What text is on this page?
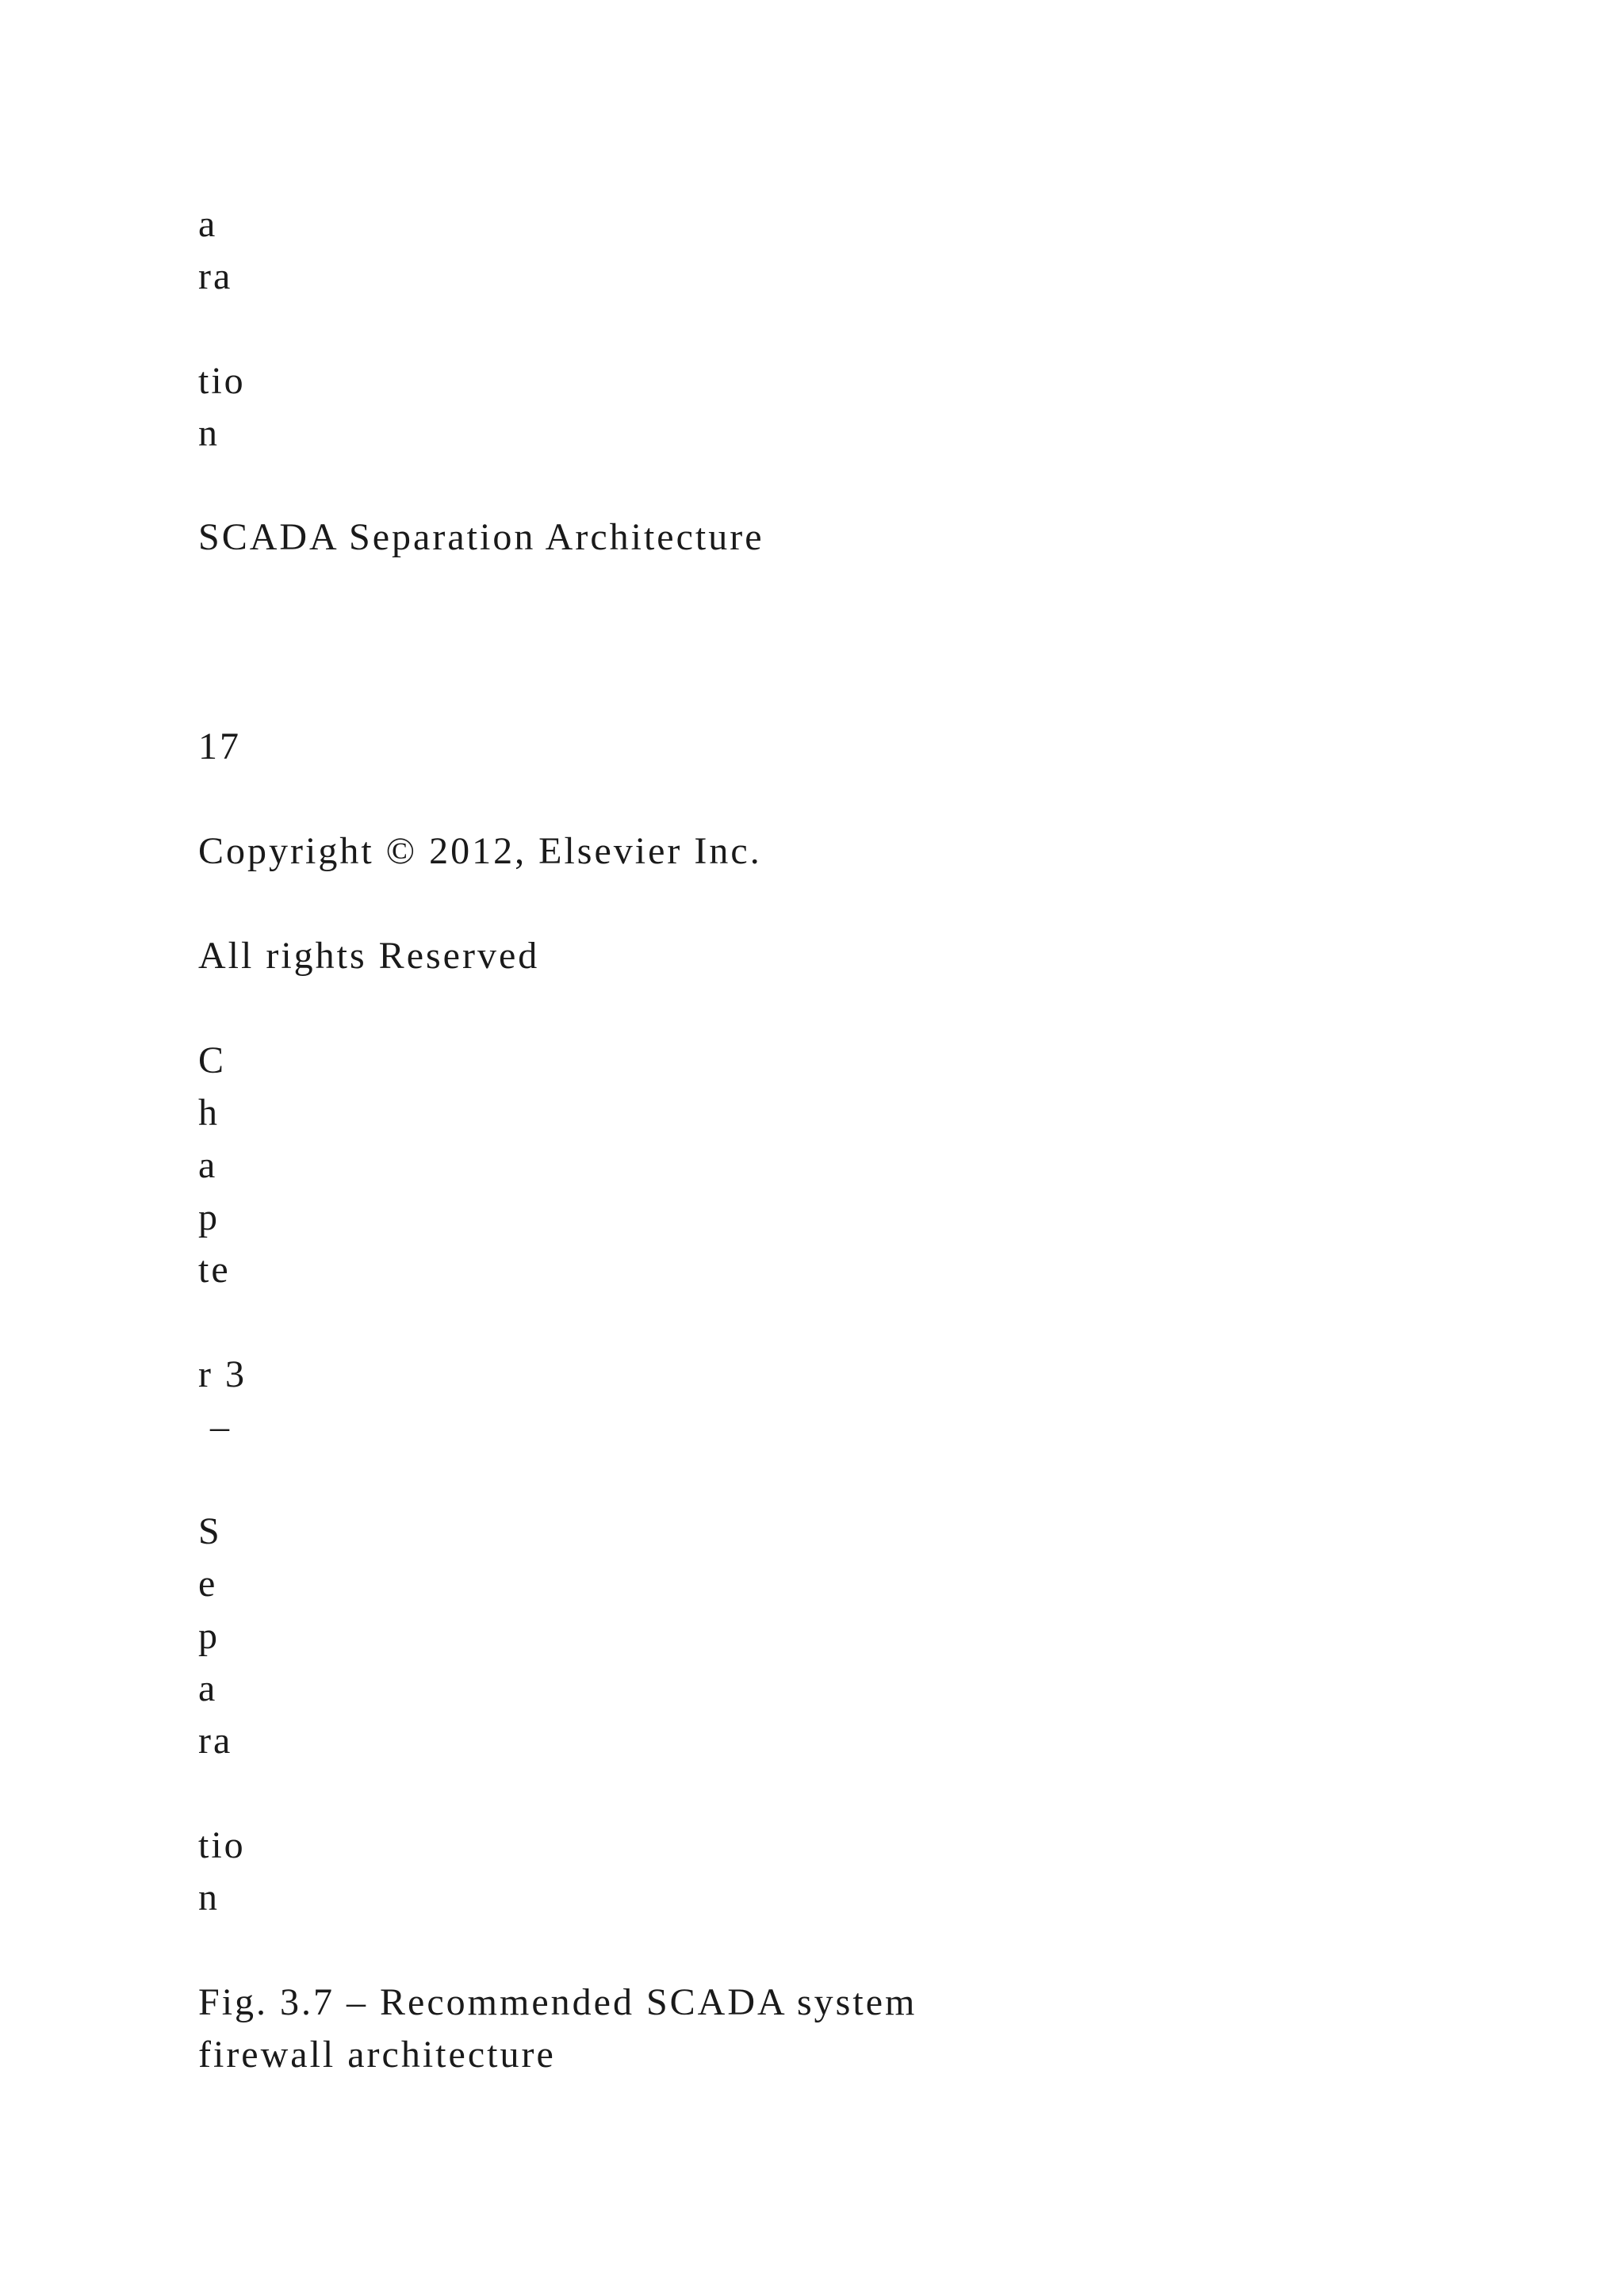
a

ra

tio

n

SCADA Separation Architecture

17

Copyright © 2012, Elsevier Inc.

All rights Reserved

C

h

a

p

te

r 3

–

S

e

p

a

ra

tio

n

Fig. 3.7 – Recommended SCADA system

firewall architecture
